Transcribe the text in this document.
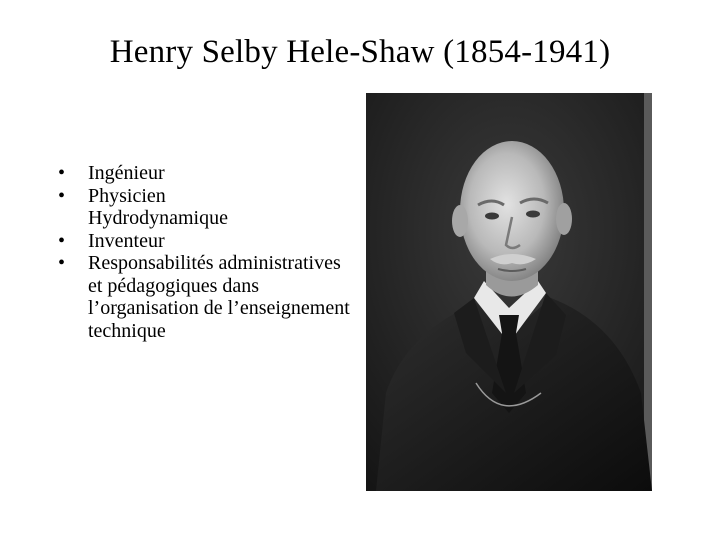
Henry Selby Hele-Shaw (1854-1941)
•	Ingénieur
•	Physicien
Hydrodynamique
•	Inventeur
•	Responsabilités administratives et pédagogiques dans l’organisation de l’enseignement technique
